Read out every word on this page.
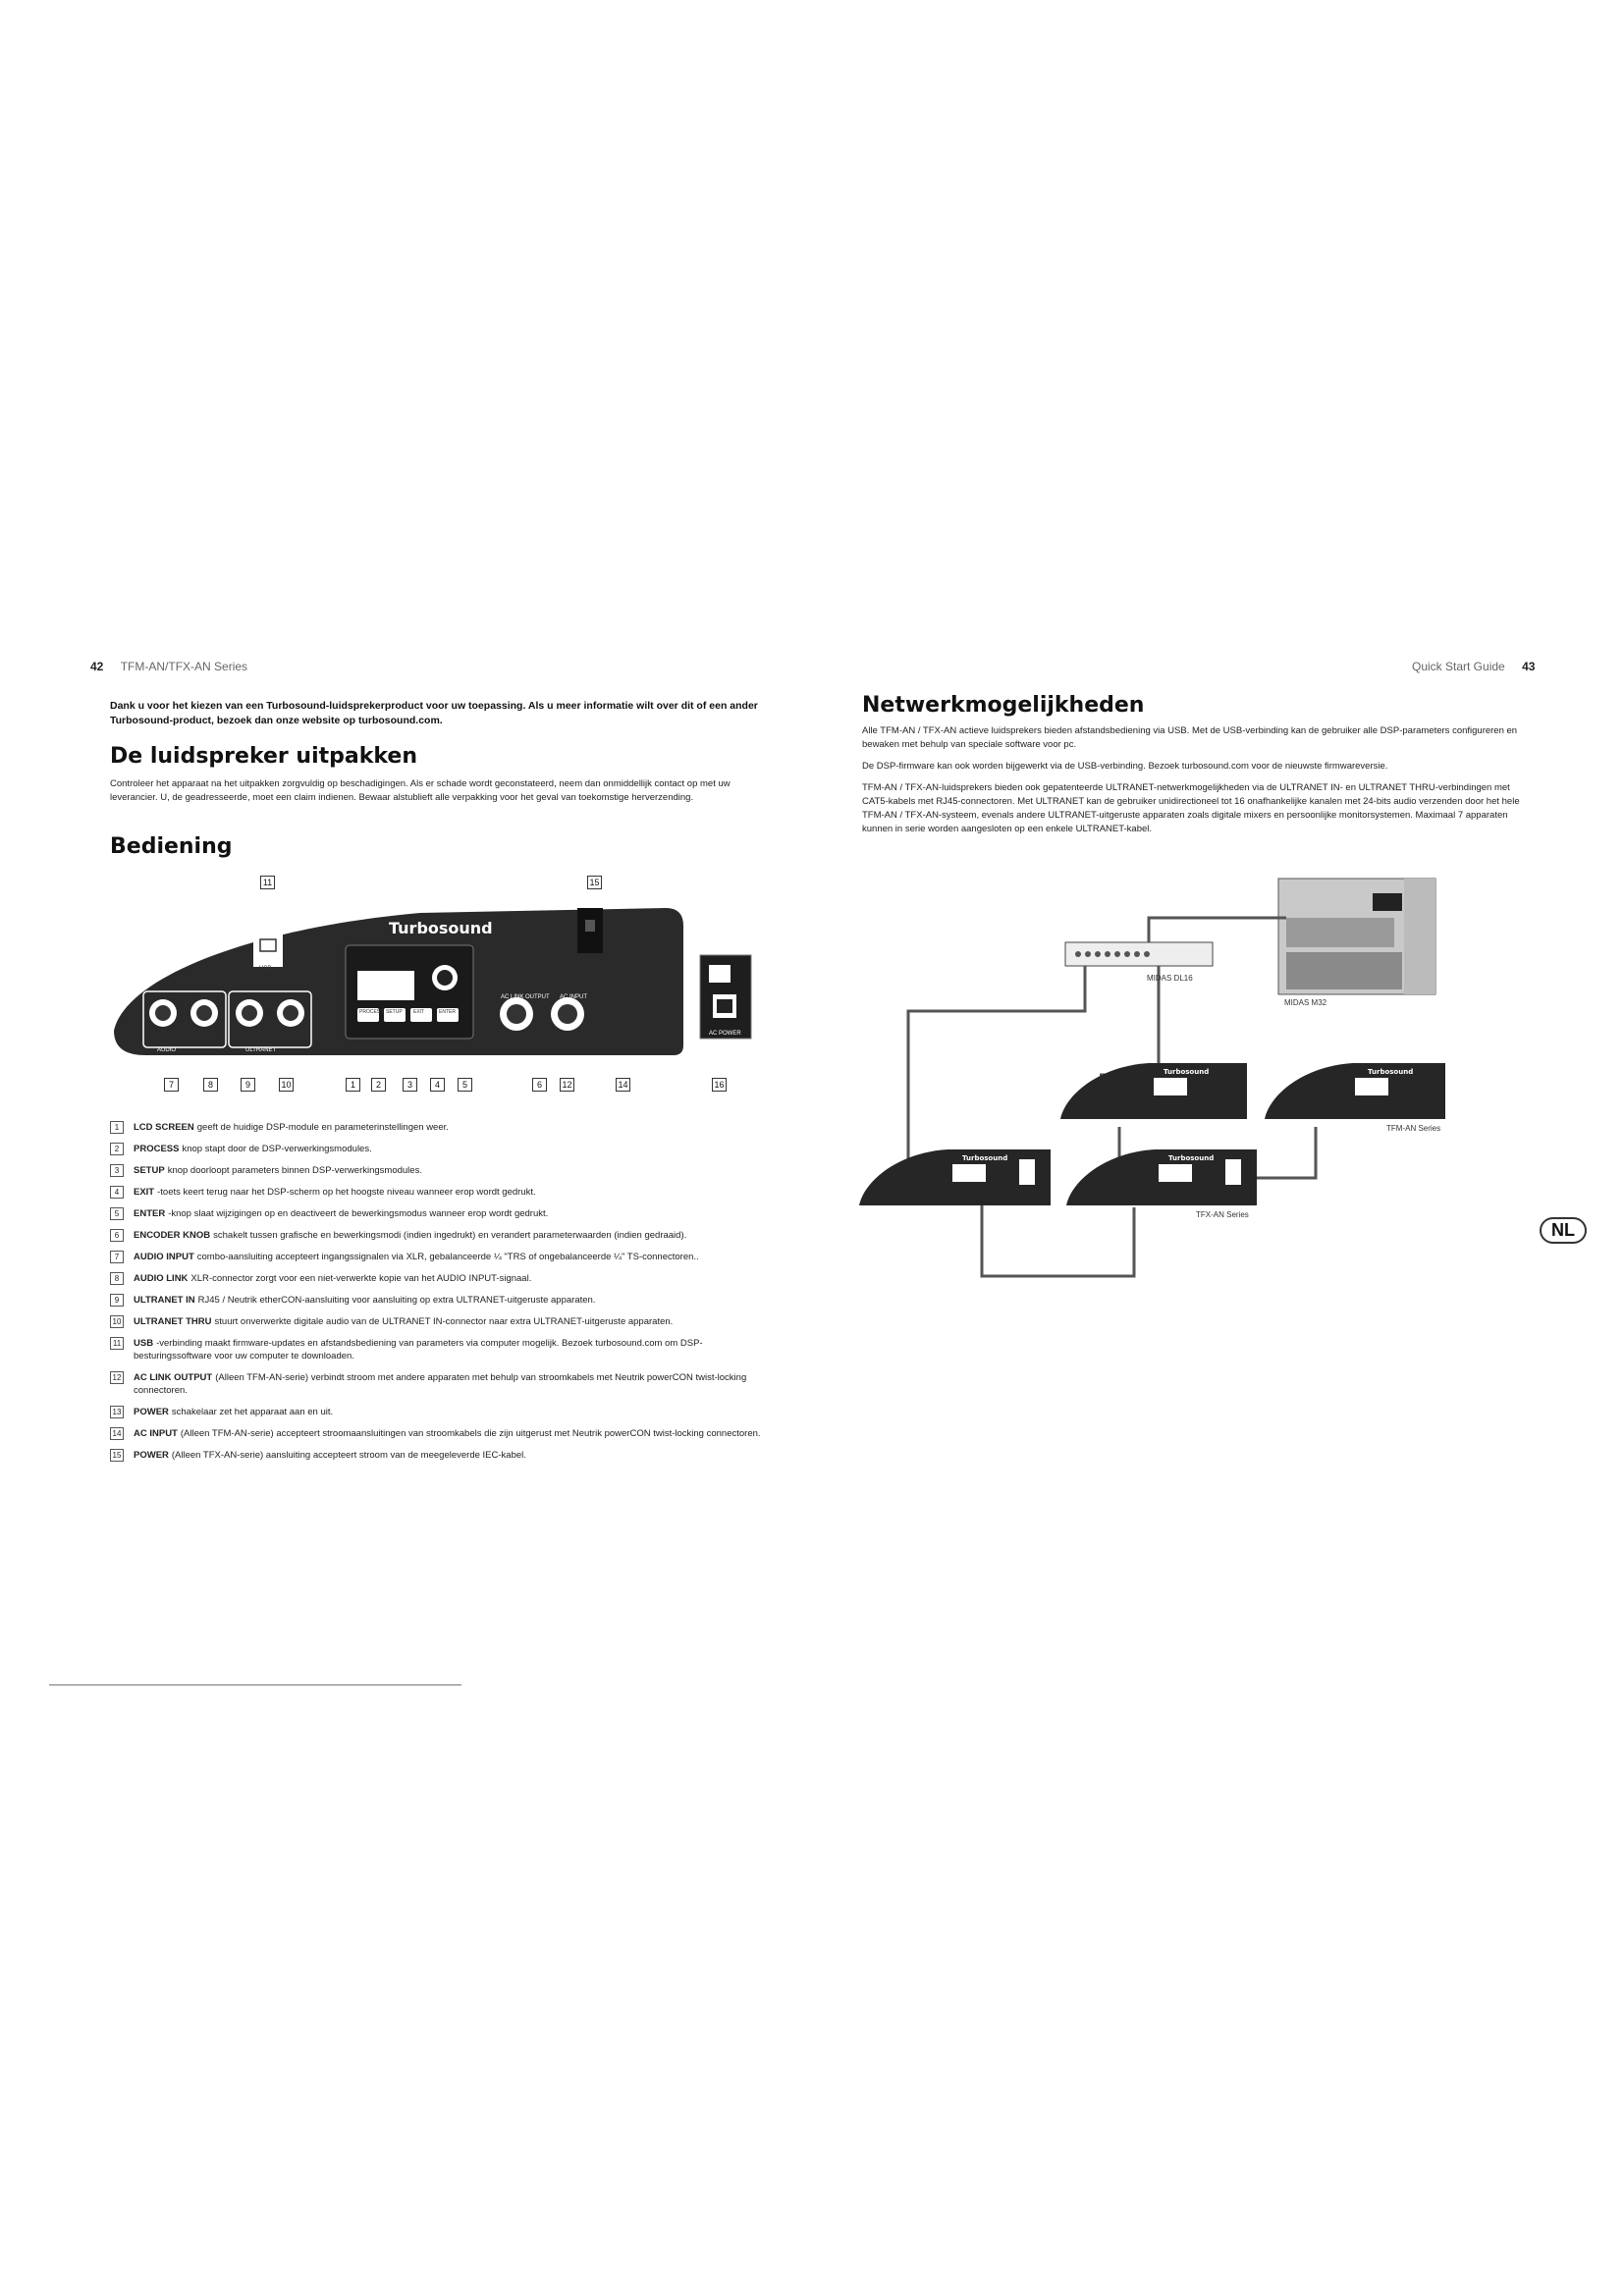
42 TFM-AN/TFX-AN Series
Dank u voor het kiezen van een Turbosound-luidsprekerproduct voor uw toepassing. Als u meer informatie wilt over dit of een ander Turbosound-product, bezoek dan onze website op turbosound.com.
De luidspreker uitpakken
Controleer het apparaat na het uitpakken zorgvuldig op beschadigingen. Als er schade wordt geconstateerd, neem dan onmiddellijk contact op met uw leverancier. U, de geadresseerde, moet een claim indienen. Bewaar alstublieft alle verpakking voor het geval van toekomstige herverzending.
Bediening
Turbosound
AUDIO	ULTRANET
USB
AC LINK OUTPUT AC INPUT
AC POWER
PROCESS SETUP EXIT	ENTER
11	15
7	8	9	10	1	2	3	4	5	6	12	14	16
1	LCD SCREEN geeft de huidige DSP-module en parameterinstellingen weer.
2	PROCESS knop stapt door de DSP-verwerkingsmodules.
3	SETUP knop doorloopt parameters binnen DSP-verwerkingsmodules.
4	EXIT -toets keert terug naar het DSP-scherm op het hoogste niveau wanneer erop wordt gedrukt.
5	ENTER -knop slaat wijzigingen op en deactiveert de bewerkingsmodus wanneer erop wordt gedrukt.
6	ENCODER KNOB schakelt tussen grafische en bewerkingsmodi (indien ingedrukt) en verandert parameterwaarden (indien gedraaid).
7	AUDIO INPUT combo-aansluiting accepteert ingangssignalen via XLR, gebalanceerde ¼ "TRS of ongebalanceerde ¼" TS-connectoren..
8	AUDIO LINK XLR-connector zorgt voor een niet-verwerkte kopie van het AUDIO INPUT-signaal.
9	ULTRANET IN RJ45 / Neutrik etherCON-aansluiting voor aansluiting op extra ULTRANET-uitgeruste apparaten.
10 ULTRANET THRU stuurt onverwerkte digitale audio van de ULTRANET IN-connector naar extra ULTRANET-uitgeruste apparaten.
11 USB -verbinding maakt firmware-updates en afstandsbediening van parameters via computer mogelijk. Bezoek turbosound.com om DSP-besturingssoftware voor uw computer te downloaden.
12 AC LINK OUTPUT (Alleen TFM-AN-serie) verbindt stroom met andere apparaten met behulp van stroomkabels met Neutrik powerCON twist-locking connectoren.
13 POWER schakelaar zet het apparaat aan en uit.
14 AC INPUT (Alleen TFM-AN-serie) accepteert stroomaansluitingen van stroomkabels die zijn uitgerust met Neutrik powerCON twist-locking connectoren.
15 POWER (Alleen TFX-AN-serie) aansluiting accepteert stroom van de meegeleverde IEC-kabel.
Quick Start Guide 43
Netwerkmogelijkheden
Alle TFM-AN / TFX-AN actieve luidsprekers bieden afstandsbediening via USB. Met de USB-verbinding kan de gebruiker alle DSP-parameters configureren en bewaken met behulp van speciale software voor pc.
De DSP-firmware kan ook worden bijgewerkt via de USB-verbinding. Bezoek turbosound.com voor de nieuwste firmwareversie.
TFM-AN / TFX-AN-luidsprekers bieden ook gepatenteerde ULTRANET-netwerkmogelijkheden via de ULTRANET IN- en ULTRANET THRU-verbindingen met CAT5-kabels met RJ45-connectoren. Met ULTRANET kan de gebruiker unidirectioneel tot 16 onafhankelijke kanalen met 24-bits audio verzenden door het hele TFM-AN / TFX-AN-systeem, evenals andere ULTRANET-uitgeruste apparaten zoals digitale mixers en persoonlijke monitorsystemen. Maximaal 7 apparaten kunnen in serie worden aangesloten op een enkele ULTRANET-kabel.
MIDAS DL16
MIDAS M32
TFM-AN Series
TFX-AN Series
Turbosound	Turbosound
Turbosound	Turbosound
NL
